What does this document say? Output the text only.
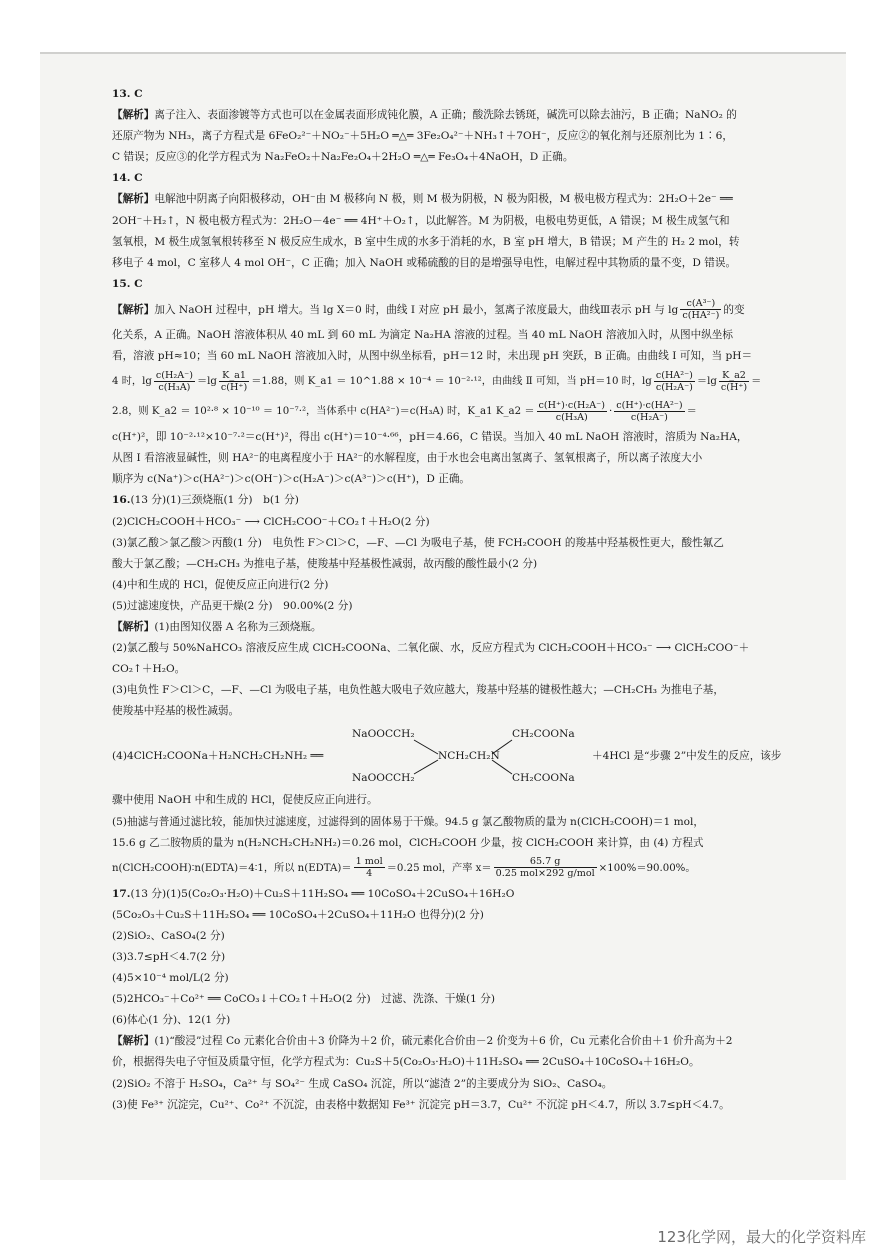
13. C
【解析】离子注入、表面渗镀等方式也可以在金属表面形成钝化膜，A 正确；酸洗除去锈斑，碱洗可以除去油污，B 正确；NaNO₂ 的
还原产物为 NH₃，离子方程式是 6FeO₂²⁻＋NO₂⁻＋5H₂O ═△═ 3Fe₂O₄²⁻＋NH₃↑＋7OH⁻，反应②的氧化剂与还原剂比为 1∶6，
C 错误；反应③的化学方程式为 Na₂FeO₂＋Na₂Fe₂O₄＋2H₂O ═△═ Fe₃O₄＋4NaOH，D 正确。
14. C
【解析】电解池中阴离子向阳极移动，OH⁻由 M 极移向 N 极，则 M 极为阴极，N 极为阳极，M 极电极方程式为：2H₂O＋2e⁻ ══
2OH⁻＋H₂↑，N 极电极方程式为：2H₂O－4e⁻ ══ 4H⁺＋O₂↑，以此解答。M 为阴极，电极电势更低，A 错误；M 极生成氢气和
氢氧根，M 极生成氢氧根转移至 N 极反应生成水，B 室中生成的水多于消耗的水，B 室 pH 增大，B 错误；M 产生的 H₂ 2 mol，转
移电子 4 mol，C 室移人 4 mol OH⁻，C 正确；加入 NaOH 或稀硫酸的目的是增强导电性，电解过程中其物质的量不变，D 错误。
15. C
【解析】加入 NaOH 过程中，pH 增大。当 lg X＝0 时，曲线 Ⅰ 对应 pH 最小，氢离子浓度最大，曲线Ⅲ表示 pH 与 $\lg \frac{\text{c(A³⁻)}}{\text{c(HA²⁻)}}$ 的变
化关系，A 正确。NaOH 溶液体积从 40 mL 到 60 mL 为滴定 Na₂HA 溶液的过程。当 40 mL NaOH 溶液加入时，从图中纵坐标
看，溶液 pH≈10；当 60 mL NaOH 溶液加入时，从图中纵坐标看，pH＝12 时，未出现 pH 突跃，B 正确。由曲线 Ⅰ 可知，当 pH＝
4 时，$\lg \frac{\text{c(H₂A⁻)}}{\text{c(H₃A)}} =\lg \frac{K\_a1}{c(H^+)} =1.88$，则 K_a1 ＝ 10^1.88 × 10⁻⁴ ＝ 10⁻²·¹²，由曲线 Ⅱ 可知，当 pH＝10 时，$\lg \frac{\text{c(HA²⁻)}}{\text{c(H₂A⁻)}} =\lg \frac{K\_a2}{c(H^+)}$ ＝
2.8，则 K_a2 ＝ 10²·⁸ × 10⁻¹⁰ ＝ 10⁻⁷·²，当体系中 c(HA²⁻)＝c(H₃A) 时，K_a1 K_a2 ＝ $\frac{\text{c(H⁺)·c(H₂A⁻)}}{\text{c(H₃A)}} \cdot \frac{\text{c(H⁺)·c(HA²⁻)}}{\text{c(H₂A⁻)}}$ ＝
c(H⁺)²，即 10⁻²·¹²×10⁻⁷·²＝c(H⁺)²，得出 c(H⁺)＝10⁻⁴·⁶⁶，pH＝4.66，C 错误。当加入 40 mL NaOH 溶液时，溶质为 Na₂HA，
从图 Ⅰ 看溶液显碱性，则 HA²⁻的电离程度小于 HA²⁻的水解程度，由于水也会电离出氢离子、氢氧根离子，所以离子浓度大小
顺序为 c(Na⁺)＞c(HA²⁻)＞c(OH⁻)＞c(H₂A⁻)＞c(A³⁻)＞c(H⁺)，D 正确。
16.(13 分)(1)三颈烧瓶(1 分)　b(1 分)
(2)ClCH₂COOH＋HCO₃⁻ ⟶ ClCH₂COO⁻＋CO₂↑＋H₂O(2 分)
(3)氯乙酸＞氯乙酸＞丙酸(1 分)　电负性 F＞Cl＞C，—F、—Cl 为吸电子基，使 FCH₂COOH 的羧基中羟基极性更大，酸性氟乙
酸大于氯乙酸；—CH₂CH₃ 为推电子基，使羧基中羟基极性减弱，故丙酸的酸性最小(2 分)
(4)中和生成的 HCl，促使反应正向进行(2 分)
(5)过滤速度快，产品更干燥(2 分)　90.00%(2 分)
【解析】(1)由图知仪器 A 名称为三颈烧瓶。
(2)氯乙酸与 50%NaHCO₃ 溶液反应生成 ClCH₂COONa、二氧化碳、水，反应方程式为 ClCH₂COOH＋HCO₃⁻ ⟶ ClCH₂COO⁻＋
CO₂↑＋H₂O。
(3)电负性 F＞Cl＞C，—F、—Cl 为吸电子基，电负性越大吸电子效应越大，羧基中羟基的键极性越大；—CH₂CH₃ 为推电子基，
使羧基中羟基的极性减弱。
(4)4ClCH₂COONa＋H₂NCH₂CH₂NH₂ ══
NaOOCCH₂
NaOOCCH₂
NCH₂CH₂N
CH₂COONa
CH₂COONa
＋4HCl 是“步骤 2”中发生的反应，该步
骤中使用 NaOH 中和生成的 HCl，促使反应正向进行。
(5)抽滤与普通过滤比较，能加快过滤速度，过滤得到的固体易于干燥。94.5 g 氯乙酸物质的量为 n(ClCH₂COOH)＝1 mol，
15.6 g 乙二胺物质的量为 n(H₂NCH₂CH₂NH₂)＝0.26 mol，ClCH₂COOH 少量，按 ClCH₂COOH 来计算，由 (4) 方程式
n(ClCH₂COOH)∶n(EDTA)＝4∶1，所以 n(EDTA)＝ $\frac{\text{1 mol}}{4} =0.25$ mol，产率 $x= \frac{65.7 g}{\text{0.25 mol×292 g/mol}} \times 100\%=90.00\%$。
17.(13 分)(1)5(Co₂O₃·H₂O)＋Cu₂S＋11H₂SO₄ ══ 10CoSO₄＋2CuSO₄＋16H₂O
(5Co₂O₃＋Cu₂S＋11H₂SO₄ ══ 10CoSO₄＋2CuSO₄＋11H₂O 也得分)(2 分)
(2)SiO₂、CaSO₄(2 分)
(3)3.7≤pH＜4.7(2 分)
(4)5×10⁻⁴ mol/L(2 分)
(5)2HCO₃⁻＋Co²⁺ ══ CoCO₃↓＋CO₂↑＋H₂O(2 分)　过滤、洗涤、干燥(1 分)
(6)体心(1 分)、12(1 分)
【解析】(1)“酸浸”过程 Co 元素化合价由＋3 价降为＋2 价，硫元素化合价由－2 价变为＋6 价，Cu 元素化合价由＋1 价升高为＋2
价，根据得失电子守恒及质量守恒，化学方程式为：Cu₂S＋5(Co₂O₃·H₂O)＋11H₂SO₄ ══ 2CuSO₄＋10CoSO₄＋16H₂O。
(2)SiO₂ 不溶于 H₂SO₄，Ca²⁺ 与 SO₄²⁻ 生成 CaSO₄ 沉淀，所以“滤渣 2”的主要成分为 SiO₂、CaSO₄。
(3)使 Fe³⁺ 沉淀完，Cu²⁺、Co²⁺ 不沉淀，由表格中数据知 Fe³⁺ 沉淀完 pH＝3.7，Cu²⁺ 不沉淀 pH＜4.7，所以 3.7≤pH＜4.7。
123化学网，最大的化学资料库
